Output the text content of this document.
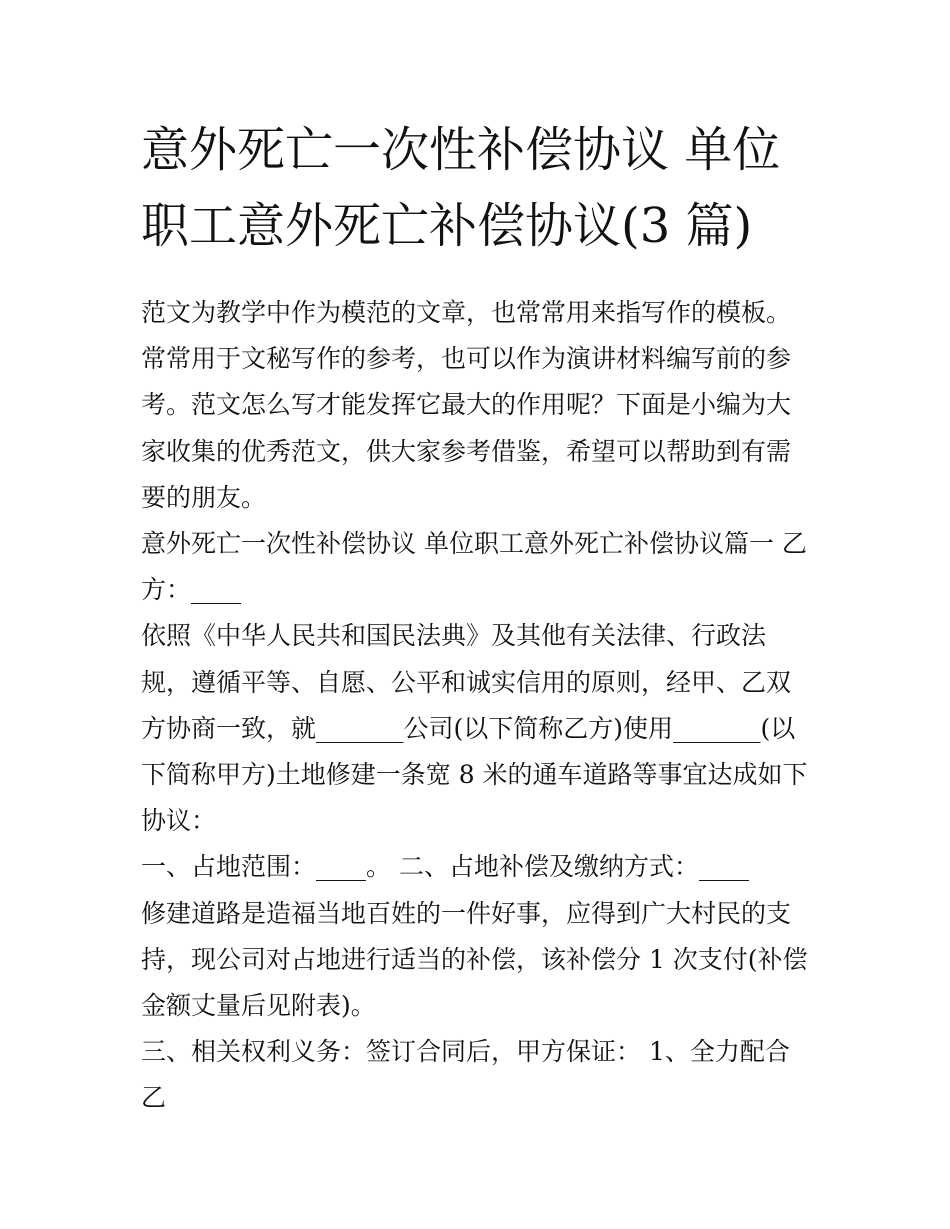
意外死亡一次性补偿协议 单位
职工意外死亡补偿协议(3 篇)

范文为教学中作为模范的文章，也常常用来指写作的模板。常常用于文秘写作的参考，也可以作为演讲材料编写前的参考。范文怎么写才能发挥它最大的作用呢？下面是小编为大家收集的优秀范文，供大家参考借鉴，希望可以帮助到有需要的朋友。

意外死亡一次性补偿协议 单位职工意外死亡补偿协议篇一 乙方：____

依照《中华人民共和国民法典》及其他有关法律、行政法规，遵循平等、自愿、公平和诚实信用的原则，经甲、乙双方协商一致，就_______公司(以下简称乙方)使用_______(以下简称甲方)土地修建一条宽 8 米的通车道路等事宜达成如下协议：

一、占地范围：____。 二、占地补偿及缴纳方式：____

修建道路是造福当地百姓的一件好事，应得到广大村民的支持，现公司对占地进行适当的补偿，该补偿分 1 次支付(补偿金额丈量后见附表)。

三、相关权利义务：签订合同后，甲方保证： 1、全力配合乙
